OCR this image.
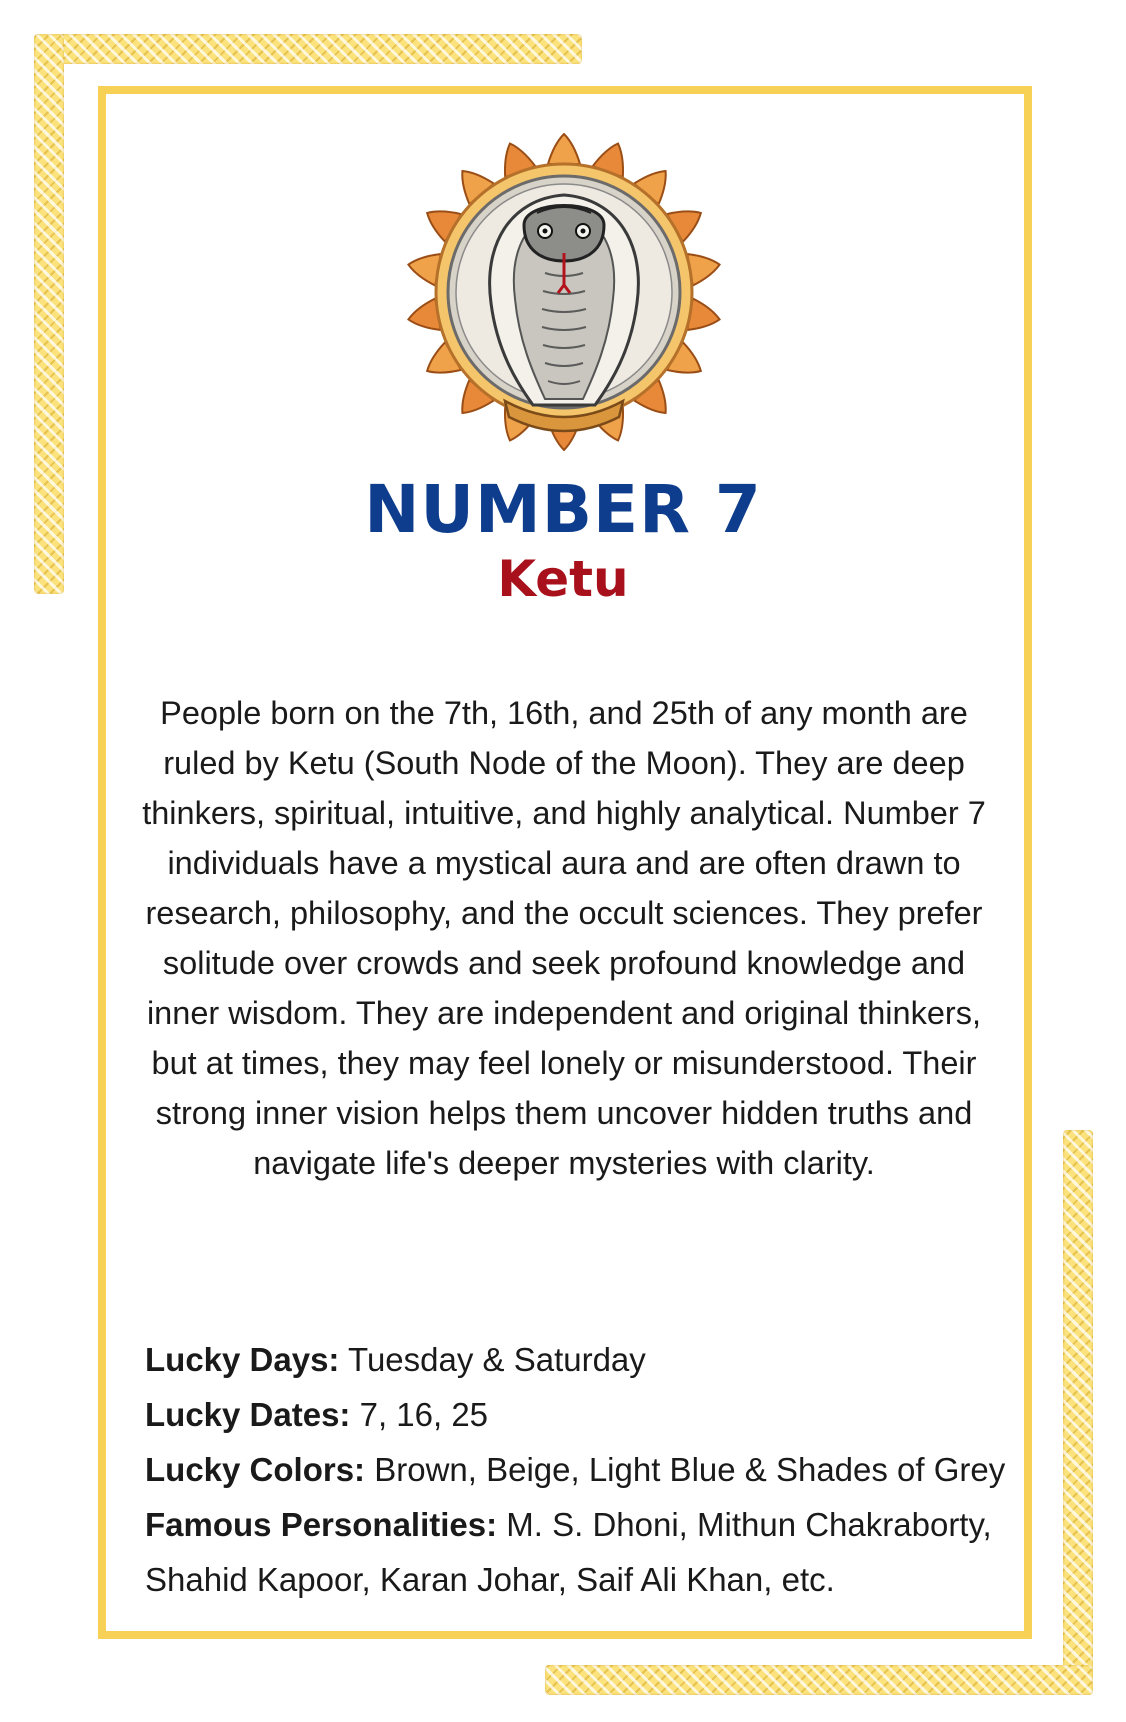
NUMBER 7
Ketu

People born on the 7th, 16th, and 25th of any month are ruled by Ketu (South Node of the Moon). They are deep thinkers, spiritual, intuitive, and highly analytical. Number 7 individuals have a mystical aura and are often drawn to research, philosophy, and the occult sciences. They prefer solitude over crowds and seek profound knowledge and inner wisdom. They are independent and original thinkers, but at times, they may feel lonely or misunderstood. Their strong inner vision helps them uncover hidden truths and navigate life's deeper mysteries with clarity.

Lucky Days: Tuesday & Saturday
Lucky Dates: 7, 16, 25
Lucky Colors: Brown, Beige, Light Blue & Shades of Grey
Famous Personalities: M. S. Dhoni, Mithun Chakraborty,
Shahid Kapoor, Karan Johar, Saif Ali Khan, etc.
